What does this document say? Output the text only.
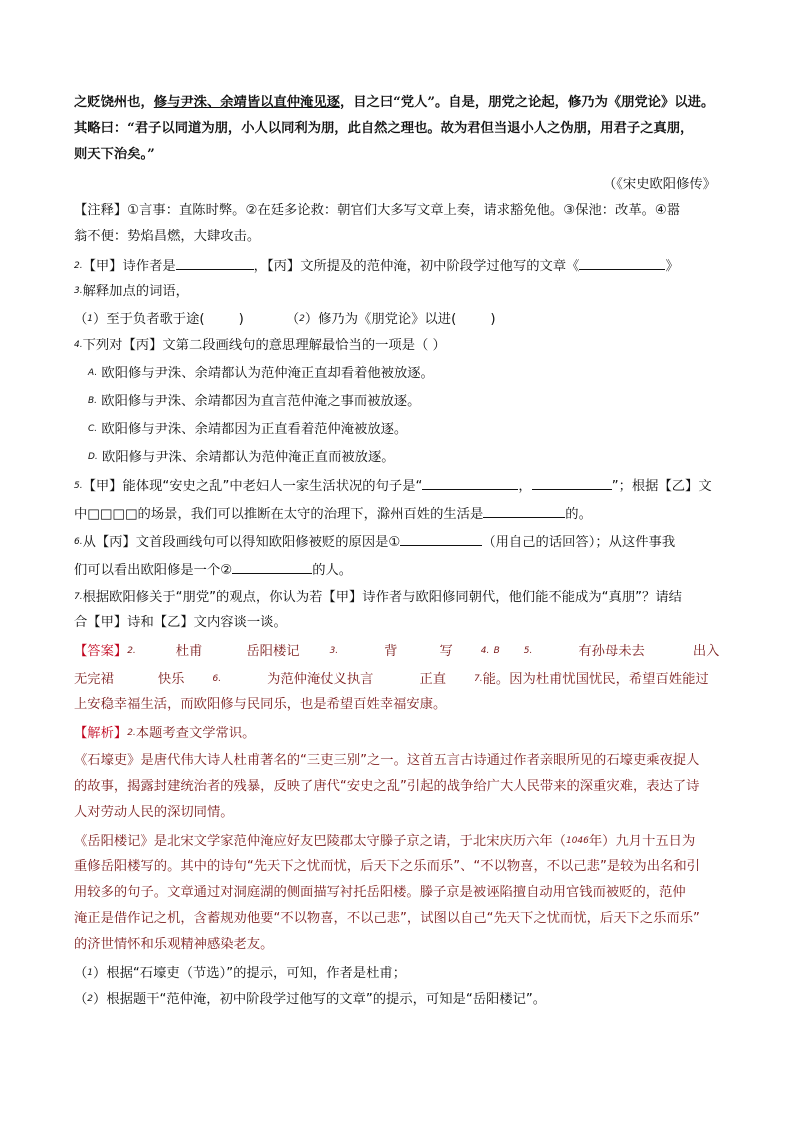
之贬饶州也，修与尹洙、余靖皆以直仲淹见逐，目之曰“党人”。自是，朋党之论起，修乃为《朋党论》以进。
其略曰：“君子以同道为朋，小人以同利为朋，此自然之理也。故为君但当退小人之伪朋，用君子之真朋，
则天下治矣。”
（《宋史欧阳修传》
【注释】①言事：直陈时弊。②在廷多论救：朝官们大多写文章上奏，请求豁免他。③保池：改革。④嚣
翁不便：势焰昌燃，大肆攻击。
2.【甲】诗作者是	，【丙】文所提及的范仲淹，初中阶段学过他写的文章《	》
3.解释加点的词语，
（1）至于负者歌于途(	)	（2）修乃为《朋党论》以进(	)
4.下列对【丙】文第二段画线句的意思理解最恰当的一项是（ ）
A. 欧阳修与尹洙、余靖都认为范仲淹正直却看着他被放逐。
B. 欧阳修与尹洙、余靖都因为直言范仲淹之事而被放逐。
C. 欧阳修与尹洙、余靖都因为正直看着范仲淹被放逐。
D. 欧阳修与尹洙、余靖都认为范仲淹正直而被放逐。
5.【甲】能体现“安史之乱”中老妇人一家生活状况的句子是“	，	”；根据【乙】文
中□□□□的场景，我们可以推断在太守的治理下，滁州百姓的生活是	的。
6.从【丙】文首段画线句可以得知欧阳修被贬的原因是①	（用自己的话回答）；从这件事我
们可以看出欧阳修是一个②	的人。
7.根据欧阳修关于“朋党”的观点，你认为若【甲】诗作者与欧阳修同朝代，他们能不能成为“真朋”？请结
合【甲】诗和【乙】文内容谈一谈。
【答案】2.	杜甫	岳阳楼记	3.	背	写	4. B	5.	有孙母未去	出入
无完裙	快乐	6.	为范仲淹仗义执言	正直	7.能。因为杜甫忧国忧民，希望百姓能过
上安稳幸福生活，而欧阳修与民同乐，也是希望百姓幸福安康。
【解析】2.本题考查文学常识。
《石壕吏》是唐代伟大诗人杜甫著名的“三吏三别”之一。这首五言古诗通过作者亲眼所见的石壕吏乘夜捉人
的故事，揭露封建统治者的残暴，反映了唐代“安史之乱”引起的战争给广大人民带来的深重灾难，表达了诗
人对劳动人民的深切同情。
《岳阳楼记》是北宋文学家范仲淹应好友巴陵郡太守滕子京之请，于北宋庆历六年（1046年）九月十五日为
重修岳阳楼写的。其中的诗句“先天下之忧而忧，后天下之乐而乐”、“不以物喜，不以己悲”是较为出名和引
用较多的句子。文章通过对洞庭湖的侧面描写衬托岳阳楼。滕子京是被诬陷擅自动用官钱而被贬的，范仲
淹正是借作记之机，含蓄规劝他要“不以物喜，不以己悲”，试图以自己“先天下之忧而忧，后天下之乐而乐”
的济世情怀和乐观精神感染老友。
（1）根据“石壕吏（节选）”的提示，可知，作者是杜甫；
（2）根据题干“范仲淹，初中阶段学过他写的文章”的提示，可知是“岳阳楼记”。
